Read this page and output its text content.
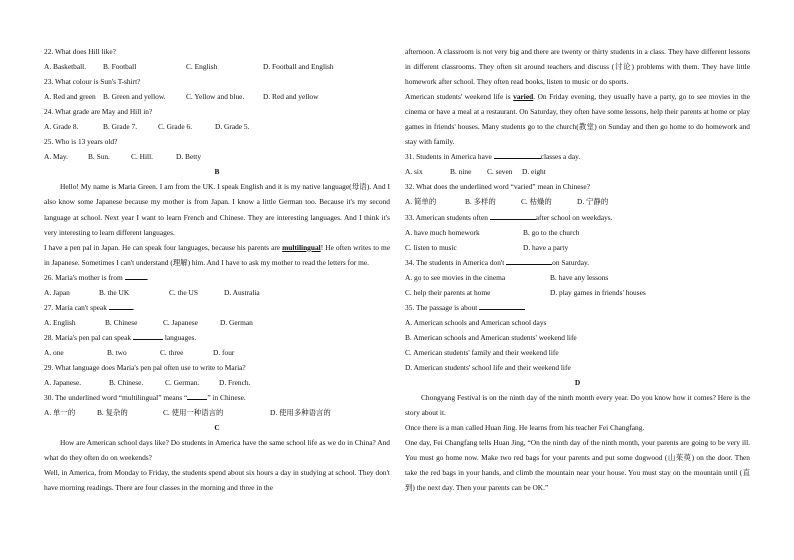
22. What does Hill like?
A. Basketball.	B. Football	C. English	D. Football and English
23. What colour is Sun's T-shirt?
A. Red and green B. Green and yellow.	C. Yellow and blue.	D. Red and yellow
24. What grade are May and Hill in?
A. Grade 8.	B. Grade 7.	C. Grade 6.	D. Grade 5.
25. Who is 13 years old?
A. May.	B. Sun.	C. Hill.	D. Betty
B
Hello! My name is Maria Green. I am from the UK. I speak English and it is my native language(母语). And I also know some Japanese because my mother is from Japan. I know a little German too. Because it's my second language at school. Next year I want to learn French and Chinese. They are interesting languages. And I think it's very interesting to learn different languages.
I have a pen pal in Japan. He can speak four languages, because his parents are multilingual! He often writes to me in Japanese. Sometimes I can't understand (理解) him. And I have to ask my mother to read the letters for me.
26. Maria's mother is from	.
A. Japan	B. the UK	C. the US	D. Australia
27. Maria can't speak	.
A. English	B. Chinese	C. Japanese	D. German
28. Maria's pen pal can speak	languages.
A. one	B. two	C. three	D. four
29. What language does Maria's pen pal often use to write to Maria?
A. Japanese.	B. Chinese.	C. German.	D. French.
30. The underlined word “multilingual” means “	” in Chinese.
A. 单一的	B. 复杂的	C. 使用一种语言的	D. 使用多种语言的
C
How are American school days like? Do students in America have the same school life as we do in China? And what do they often do on weekends?
Well, in America, from Monday to Friday, the students spend about six hours a day in studying at school. They don't have morning readings. There are four classes in the morning and three in the
afternoon. A classroom is not very big and there are twenty or thirty students in a class. They have different lessons in different classrooms. They often sit around teachers and discuss (讨论) problems with them. They have little homework after school. They often read books, listen to music or do sports.
American students' weekend life is varied. On Friday evening, they usually have a party, go to see movies in the cinema or have a meal at a restaurant. On Saturday, they often have some lessons, help their parents at home or play games in friends' houses. Many students go to the church(教堂) on Sunday and then go home to do homework and stay with family.
31. Students in America have	classes a day.
A. six	B. nine	C. seven	D. eight
32. What does the underlined word “varied” mean in Chinese?
A. 简单的	B. 多样的	C. 枯燥的	D. 宁静的
33. American students often	after school on weekdays.
A. have much homework	B. go to the church
C. listen to music	D. have a party
34. The students in America don't	on Saturday.
A. go to see movies in the cinema	B. have any lessons
C. help their parents at home	D. play games in friends' houses
35. The passage is about
A. American schools and American school days
B. American schools and American students' weekend life
C. American students' family and their weekend life
D. American students' school life and their weekend life
D
Chongyang Festival is on the ninth day of the ninth month every year. Do you know how it comes? Here is the story about it.
Once there is a man called Huan Jing. He learns from his teacher Fei Changfang.
One day, Fei Changfang tells Huan Jing, “On the ninth day of the ninth month, your parents are going to be very ill. You must go home now. Make two red bags for your parents and put some dogwood (山茱萸) on the door. Then take the red bags in your hands, and climb the mountain near your house. You must stay on the mountain until (直到) the next day. Then your parents can be OK.”
